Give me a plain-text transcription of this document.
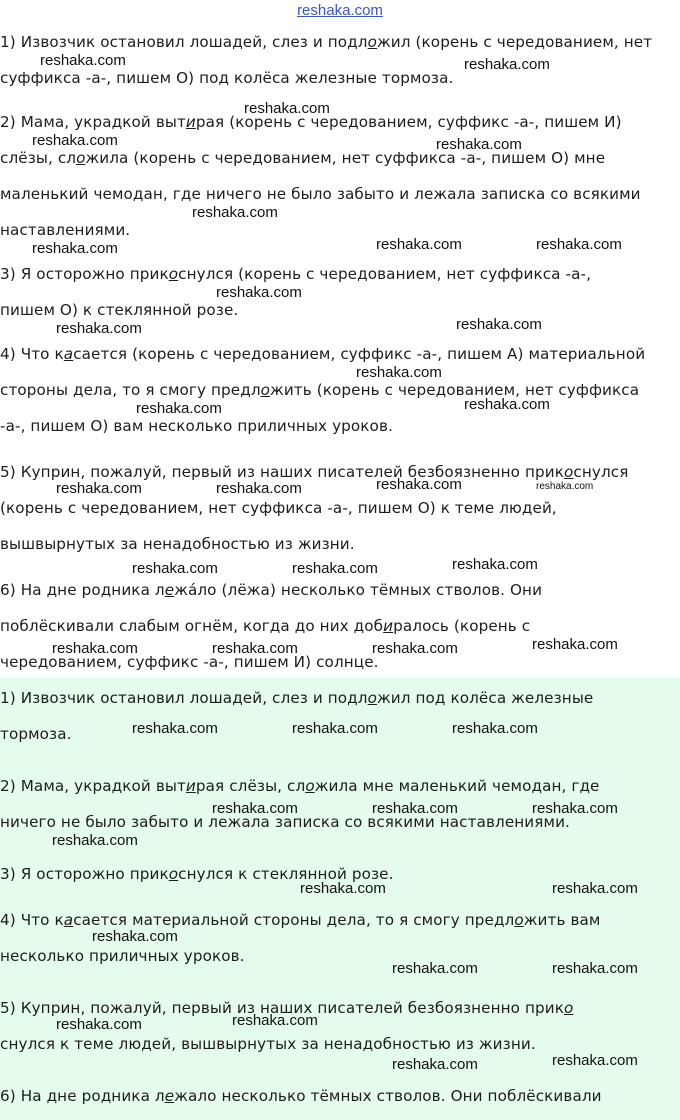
reshaka.com
1) Извозчик остановил лошадей, слез и подложил (корень с чередованием, нет
суффикса -а-, пишем О) под колёса железные тормоза.
2) Мама, украдкой вытирая (корень с чередованием, суффикс -а-, пишем И)
слёзы, сложила (корень с чередованием, нет суффикса -а-, пишем О) мне
маленький чемодан, где ничего не было забыто и лежала записка со всякими
наставлениями.
3) Я осторожно прикоснулся (корень с чередованием, нет суффикса -а-,
пишем О) к стеклянной розе.
4) Что касается (корень с чередованием, суффикс -а-, пишем А) материальной
стороны дела, то я смогу предложить (корень с чередованием, нет суффикса
-а-, пишем О) вам несколько приличных уроков.
5) Куприн, пожалуй, первый из наших писателей безбоязненно прикоснулся
(корень с чередованием, нет суффикса -а-, пишем О) к теме людей,
вышвырнутых за ненадобностью из жизни.
6) На дне родника лежáло (лёжа) несколько тёмных стволов. Они
поблёскивали слабым огнём, когда до них добиралось (корень с
чередованием, суффикс -а-, пишем И) солнце.
1) Извозчик остановил лошадей, слез и подложил под колёса железные
тормоза.
2) Мама, украдкой вытирая слёзы, сложила мне маленький чемодан, где
ничего не было забыто и лежала записка со всякими наставлениями.
3) Я осторожно прикоснулся к стеклянной розе.
4) Что касается материальной стороны дела, то я смогу предложить вам
несколько приличных уроков.
5) Куприн, пожалуй, первый из наших писателей безбоязненно прико
снулся к теме людей, вышвырнутых за ненадобностью из жизни.
6) На дне родника лежало несколько тёмных стволов. Они поблёскивали
reshaka.com	reshaka.com
reshaka.com
reshaka.com	reshaka.com
reshaka.com
reshaka.com	reshaka.com	reshaka.com
reshaka.com
reshaka.com	reshaka.com
reshaka.com
reshaka.com	reshaka.com
reshaka.com	reshaka.com	reshaka.com	reshaka.com
reshaka.com
reshaka.com	reshaka.com
reshaka.com
reshaka.com	reshaka.com	reshaka.com
reshaka.com	reshaka.com	reshaka.com
reshaka.com	reshaka.com	reshaka.com
reshaka.com
reshaka.com	reshaka.com
reshaka.com
reshaka.com	reshaka.com
reshaka.com
reshaka.com
reshaka.com	reshaka.com
